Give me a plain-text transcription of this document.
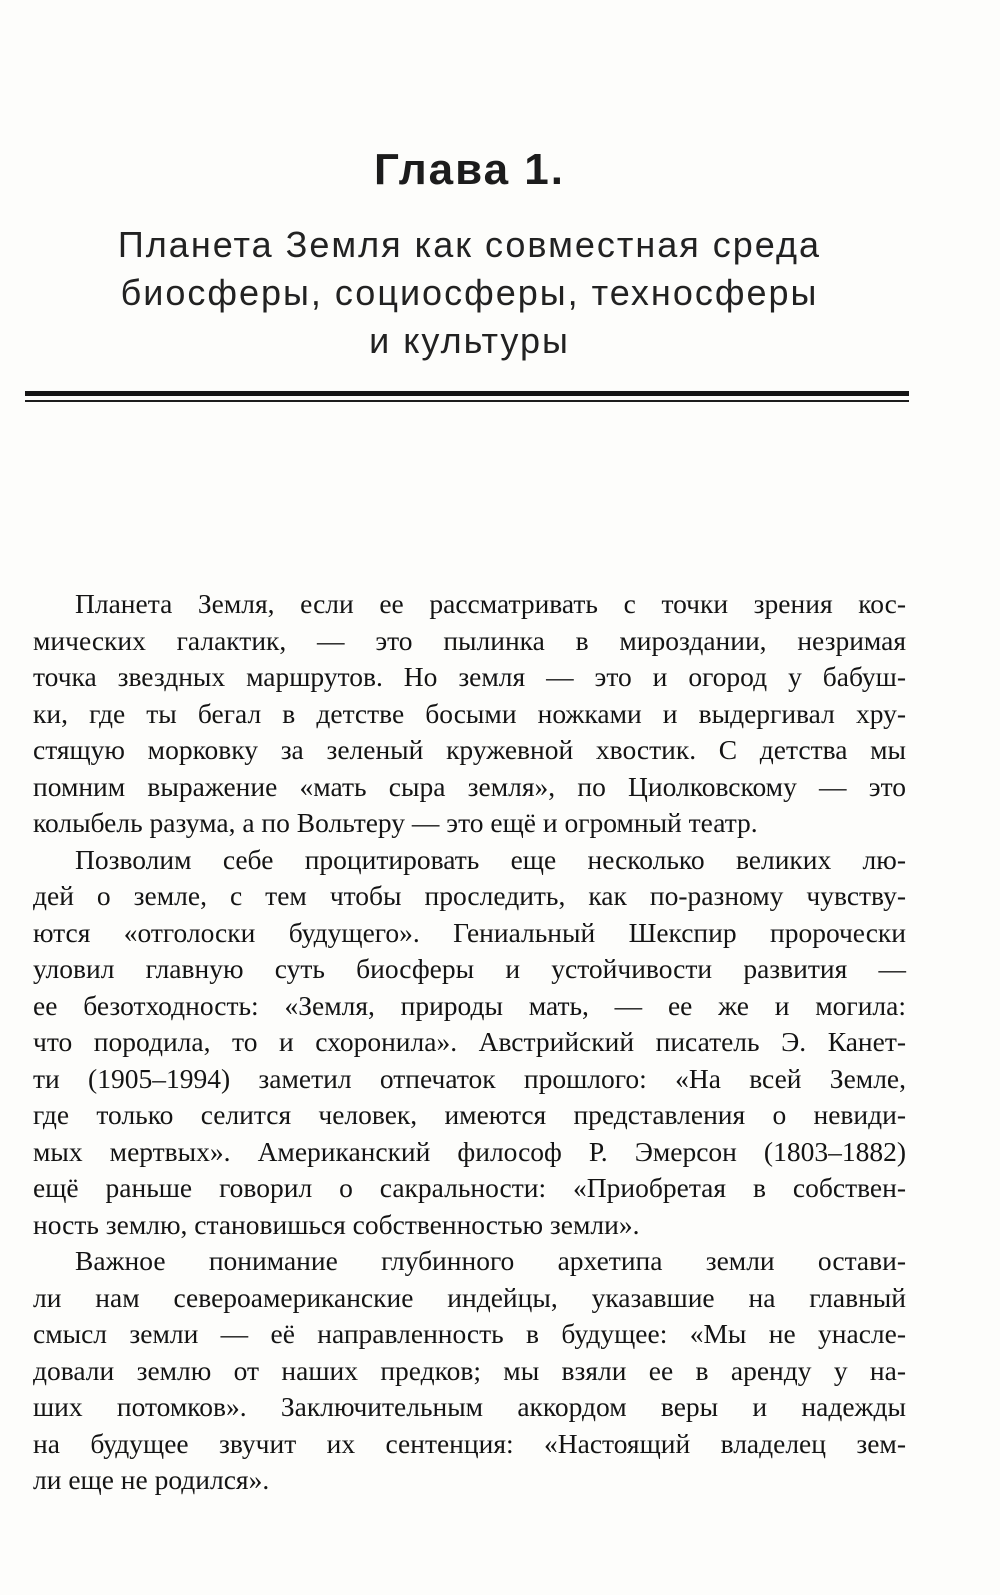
Глава 1.
Планета Земля как совместная среда
биосферы, социосферы, техносферы
и культуры
Планета Земля, если ее рассматривать с точки зрения кос-
мических галактик, — это пылинка в мироздании, незримая
точка звездных маршрутов. Но земля — это и огород у бабуш-
ки, где ты бегал в детстве босыми ножками и выдергивал хру-
стящую морковку за зеленый кружевной хвостик. С детства мы
помним выражение «мать сыра земля», по Циолковскому — это
колыбель разума, а по Вольтеру — это ещё и огромный театр.
Позволим себе процитировать еще несколько великих лю-
дей о земле, с тем чтобы проследить, как по-разному чувству-
ются «отголоски будущего». Гениальный Шекспир пророчески
уловил главную суть биосферы и устойчивости развития —
ее безотходность: «Земля, природы мать, — ее же и могила:
что породила, то и схоронила». Австрийский писатель Э. Канет-
ти (1905–1994) заметил отпечаток прошлого: «На всей Земле,
где только селится человек, имеются представления о невиди-
мых мертвых». Американский философ Р. Эмерсон (1803–1882)
ещё раньше говорил о сакральности: «Приобретая в собствен-
ность землю, становишься собственностью земли».
Важное понимание глубинного архетипа земли остави-
ли нам североамериканские индейцы, указавшие на главный
смысл земли — её направленность в будущее: «Мы не унасле-
довали землю от наших предков; мы взяли ее в аренду у на-
ших потомков». Заключительным аккордом веры и надежды
на будущее звучит их сентенция: «Настоящий владелец зем-
ли еще не родился».
